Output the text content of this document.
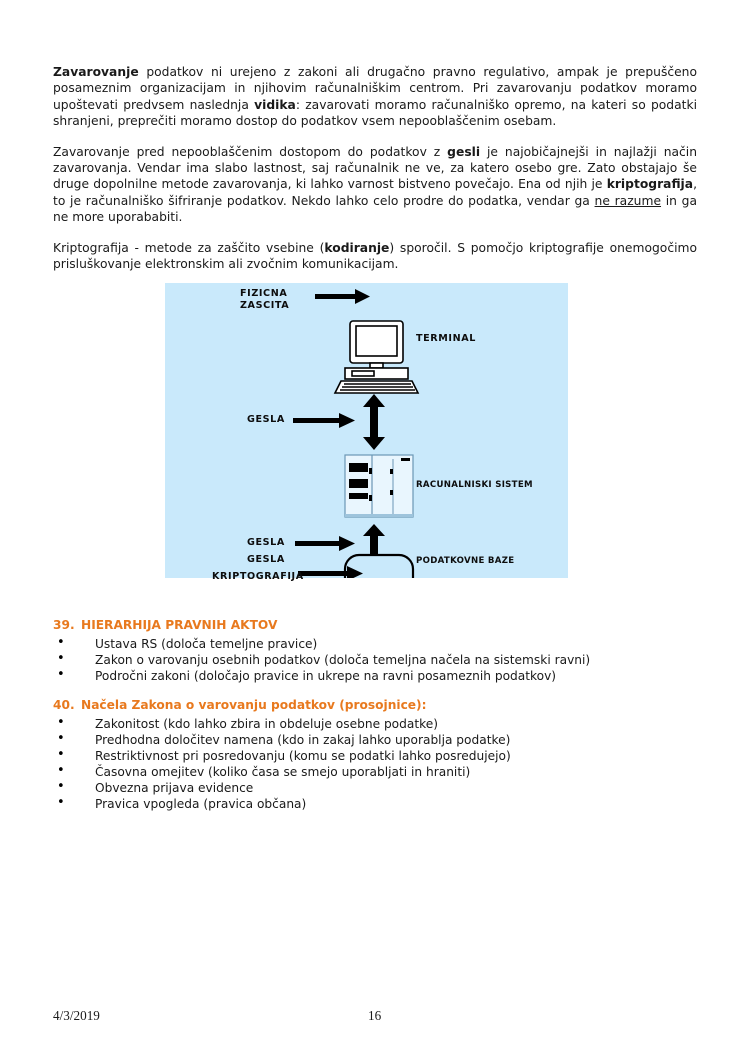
Zavarovanje podatkov ni urejeno z zakoni ali drugačno pravno regulativo, ampak je prepuščeno posameznim organizacijam in njihovim računalniškim centrom. Pri zavarovanju podatkov moramo upoštevati predvsem naslednja vidika: zavarovati moramo računalniško opremo, na kateri so podatki shranjeni, preprečiti moramo dostop do podatkov vsem nepooblaščenim osebam.

Zavarovanje pred nepooblaščenim dostopom do podatkov z gesli je najobičajnejši in najlažji način zavarovanja. Vendar ima slabo lastnost, saj računalnik ne ve, za katero osebo gre. Zato obstajajo še druge dopolnilne metode zavarovanja, ki lahko varnost bistveno povečajo. Ena od njih je kriptografija, to je računalniško šifriranje podatkov. Nekdo lahko celo prodre do podatka, vendar ga ne razume in ga ne more uporababiti.

Kriptografija - metode za zaščito vsebine (kodiranje) sporočil. S pomočjo kriptografije onemogočimo prisluškovanje elektronskim ali zvočnim komunikacijam.

FIZICNA
ZASCITA
TERMINAL
GESLA
RACUNALNISKI SISTEM
GESLA
GESLA
KRIPTOGRAFIJA
PODATKOVNE BAZE
39. HIERARHIJA PRAVNIH AKTOV
• Ustava RS (določa temeljne pravice)
• Zakon o varovanju osebnih podatkov (določa temeljna načela na sistemski ravni)
• Področni zakoni (določajo pravice in ukrepe na ravni posameznih podatkov)
40. Načela Zakona o varovanju podatkov (prosojnice):
• Zakonitost (kdo lahko zbira in obdeluje osebne podatke)
• Predhodna določitev namena (kdo in zakaj lahko uporablja podatke)
• Restriktivnost pri posredovanju (komu se podatki lahko posredujejo)
• Časovna omejitev (koliko časa se smejo uporabljati in hraniti)
• Obvezna prijava evidence
• Pravica vpogleda (pravica občana)
4/3/2019	16
